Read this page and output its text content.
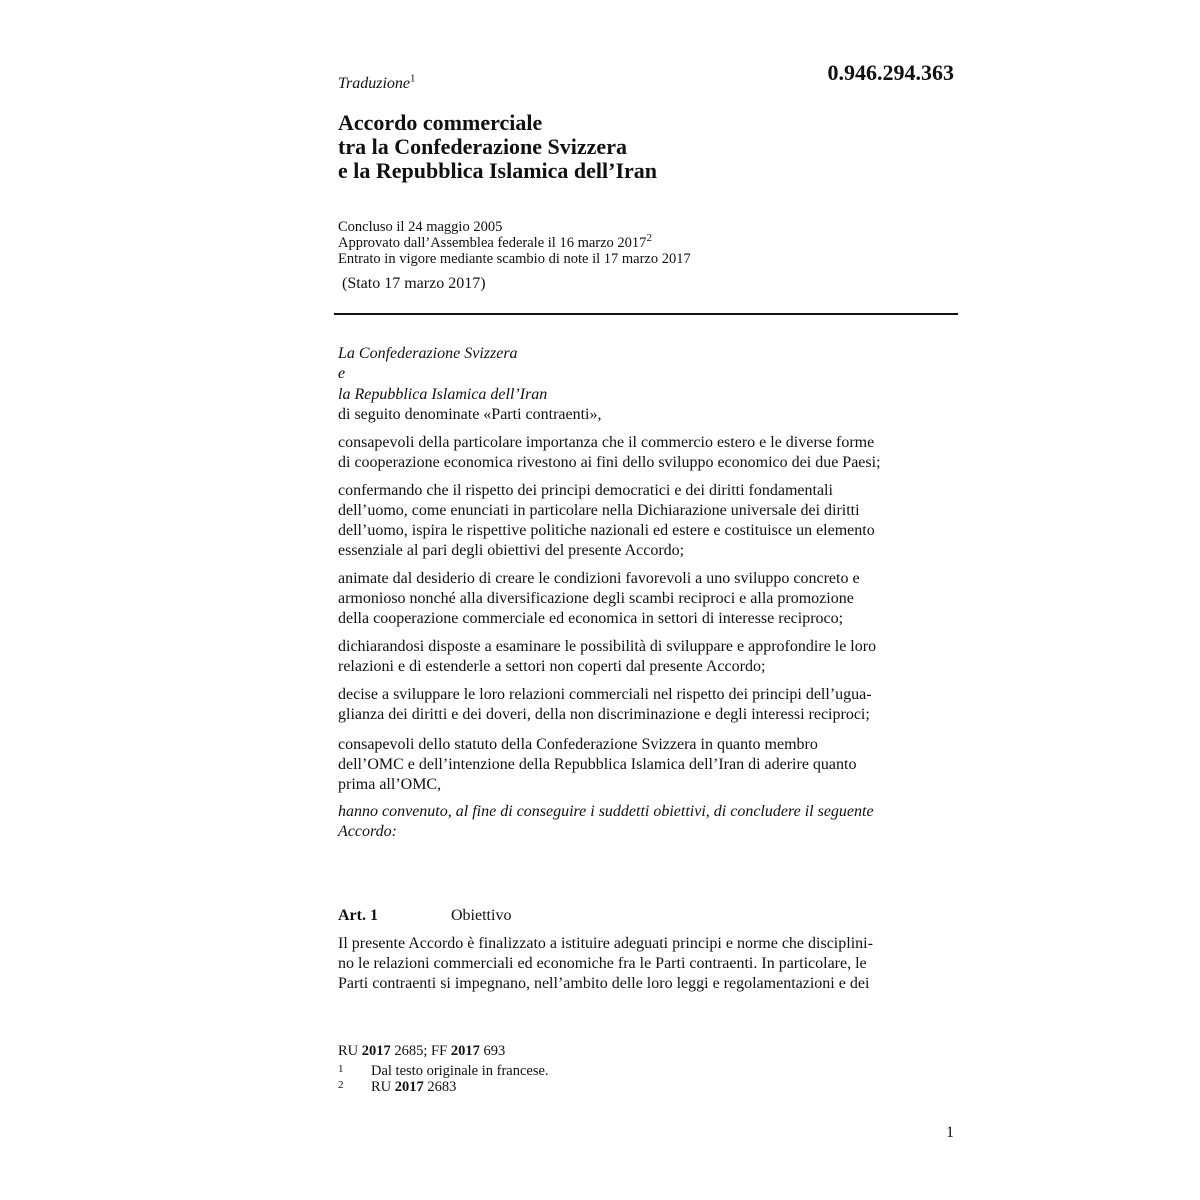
0.946.294.363
Traduzione$^1$
Accordo commerciale
tra la Confederazione Svizzera
e la Repubblica Islamica dell’Iran
Concluso il 24 maggio 2005
Approvato dall’Assemblea federale il 16 marzo 2017$^2$
Entrato in vigore mediante scambio di note il 17 marzo 2017
(Stato 17 marzo 2017)
La Confederazione Svizzera
e
la Repubblica Islamica dell’Iran
di seguito denominate «Parti contraenti»,
consapevoli della particolare importanza che il commercio estero e le diverse forme
di cooperazione economica rivestono ai fini dello sviluppo economico dei due Paesi;
confermando che il rispetto dei principi democratici e dei diritti fondamentali
dell’uomo, come enunciati in particolare nella Dichiarazione universale dei diritti
dell’uomo, ispira le rispettive politiche nazionali ed estere e costituisce un elemento
essenziale al pari degli obiettivi del presente Accordo;
animate dal desiderio di creare le condizioni favorevoli a uno sviluppo concreto e
armonioso nonché alla diversificazione degli scambi reciproci e alla promozione
della cooperazione commerciale ed economica in settori di interesse reciproco;
dichiarandosi disposte a esaminare le possibilità di sviluppare e approfondire le loro
relazioni e di estenderle a settori non coperti dal presente Accordo;
decise a sviluppare le loro relazioni commerciali nel rispetto dei principi dell’ugua-
glianza dei diritti e dei doveri, della non discriminazione e degli interessi reciproci;
consapevoli dello statuto della Confederazione Svizzera in quanto membro
dell’OMC e dell’intenzione della Repubblica Islamica dell’Iran di aderire quanto
prima all’OMC,
hanno convenuto, al fine di conseguire i suddetti obiettivi, di concludere il seguente
Accordo:
Art. 1	Obiettivo
Il presente Accordo è finalizzato a istituire adeguati principi e norme che disciplini-
no le relazioni commerciali ed economiche fra le Parti contraenti. In particolare, le
Parti contraenti si impegnano, nell’ambito delle loro leggi e regolamentazioni e dei
RU 2017 2685; FF 2017 693
1 Dal testo originale in francese.
2 RU 2017 2683
1
